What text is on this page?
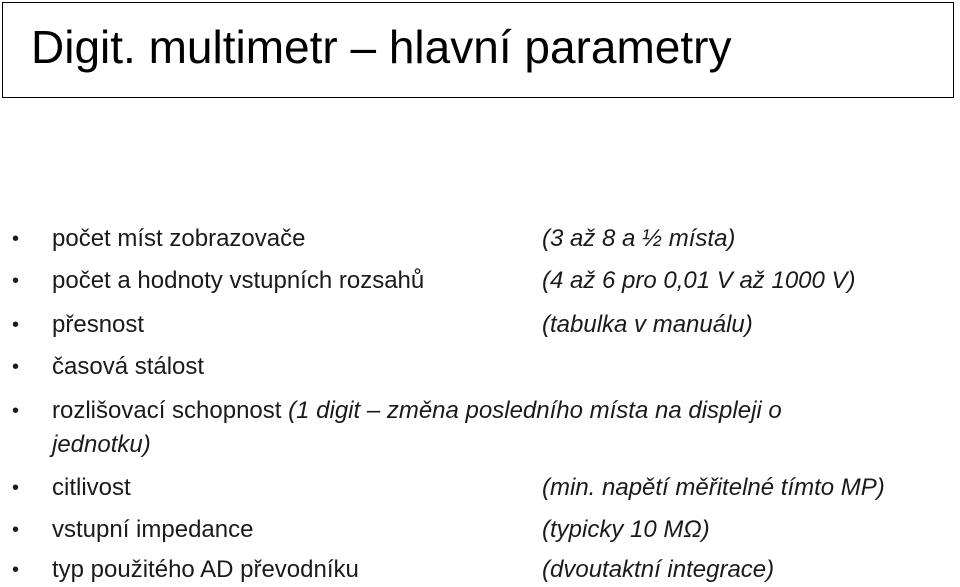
Digit. multimetr – hlavní parametry
• počet míst zobrazovače	(3 až 8 a ½ místa)
• počet a hodnoty vstupních rozsahů	(4 až 6 pro 0,01 V až 1000 V)
• přesnost	(tabulka v manuálu)
• časová stálost
• rozlišovací schopnost (1 digit – změna posledního místa na displeji o
jednotku)
• citlivost	(min. napětí měřitelné tímto MP)
• vstupní impedance	(typicky 10 MΩ)
• typ použitého AD převodníku	(dvoutaktní integrace)
